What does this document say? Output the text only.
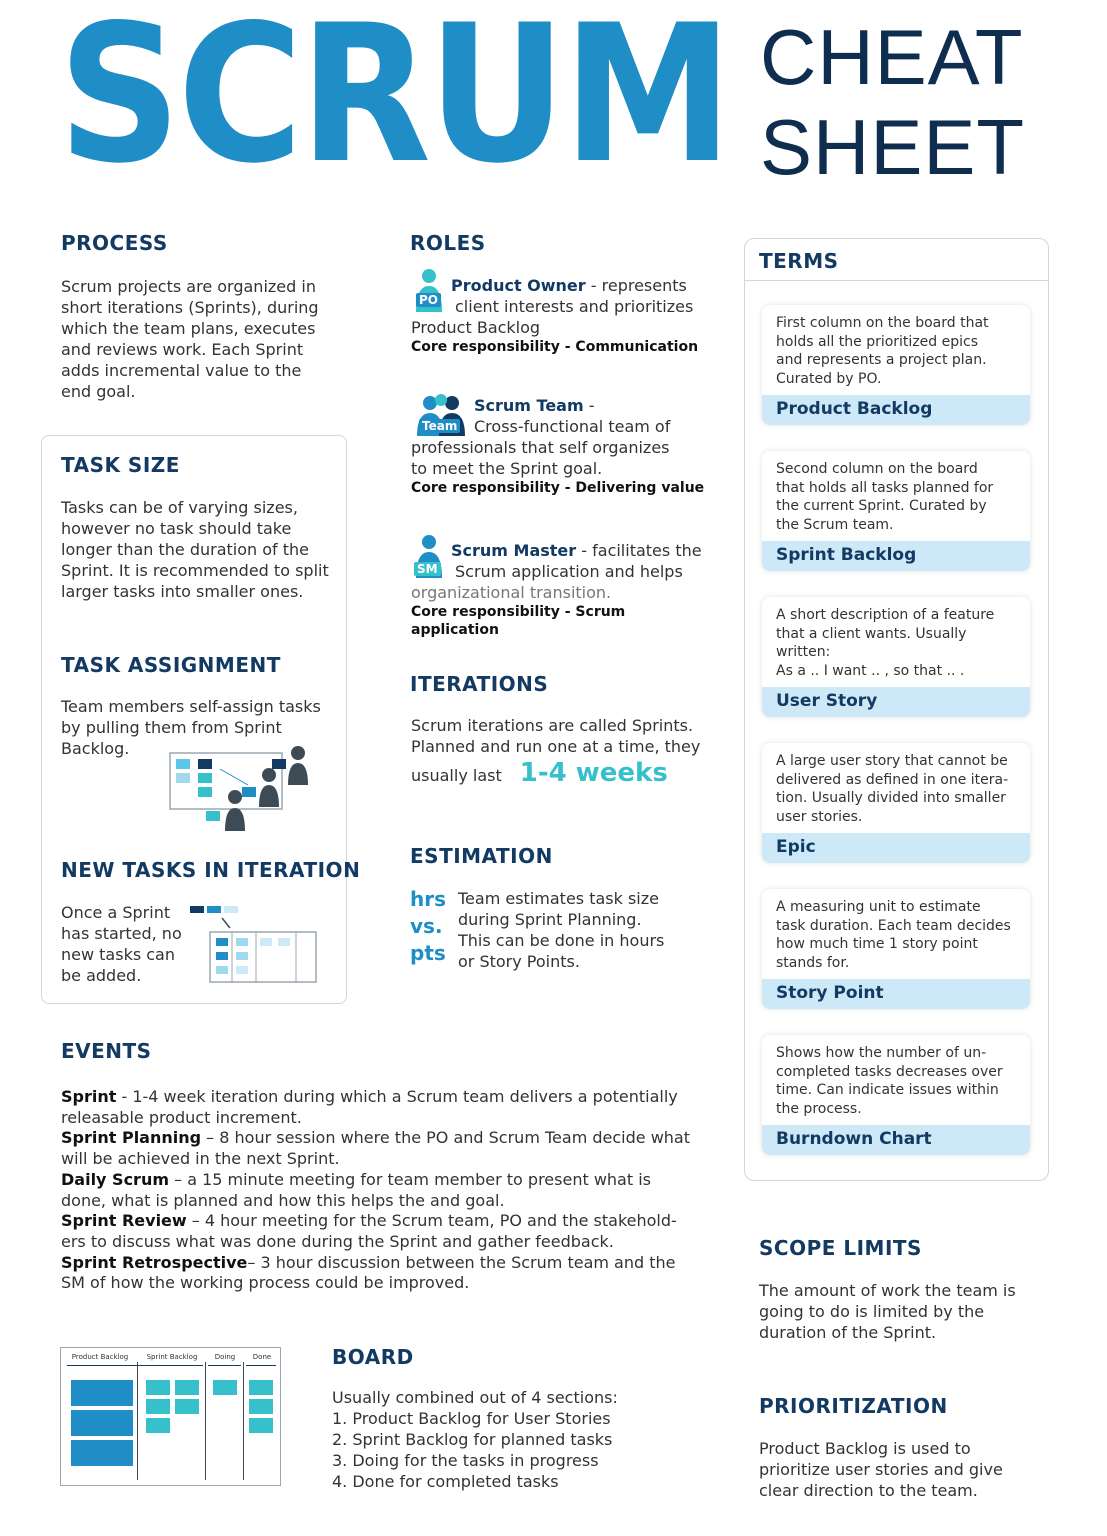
SCRUM CHEAT
SHEET
PROCESS
Scrum projects are organized in
short iterations (Sprints), during
which the team plans, executes
and reviews work. Each Sprint
adds incremental value to the
end goal.
TASK SIZE
Tasks can be of varying sizes,
however no task should take
longer than the duration of the
Sprint. It is recommended to split
larger tasks into smaller ones.
TASK ASSIGNMENT
Team members self-assign tasks
by pulling them from Sprint
Backlog.
NEW TASKS IN ITERATION
Once a Sprint
has started, no
new tasks can
be added.
ROLES
PO
Product Owner - represents
client interests and prioritizes
Product Backlog
Core responsibility - Communication
Team
Scrum Team -
Cross-functional team of
professionals that self organizes
to meet the Sprint goal.
Core responsibility - Delivering value
SM
Scrum Master - facilitates the
Scrum application and helps
organizational transition.
Core responsibility - Scrum application
ITERATIONS
Scrum iterations are called Sprints.
Planned and run one at a time, they
usually last 1-4 weeks
ESTIMATION
hrs
vs.
pts
Team estimates task size
during Sprint Planning.
This can be done in hours
or Story Points.
TERMS
First column on the board that
holds all the prioritized epics
and represents a project plan.
Curated by PO.
Product Backlog
Second column on the board
that holds all tasks planned for
the current Sprint. Curated by
the Scrum team.
Sprint Backlog
A short description of a feature
that a client wants. Usually
written:
As a .. I want .. , so that .. .
User Story
A large user story that cannot be
delivered as defined in one itera-
tion. Usually divided into smaller
user stories.
Epic
A measuring unit to estimate
task duration. Each team decides
how much time 1 story point
stands for.
Story Point
Shows how the number of un-
completed tasks decreases over
time. Can indicate issues within
the process.
Burndown Chart
EVENTS
Sprint - 1-4 week iteration during which a Scrum team delivers a potentially
releasable product increment.
Sprint Planning – 8 hour session where the PO and Scrum Team decide what
will be achieved in the next Sprint.
Daily Scrum – a 15 minute meeting for team member to present what is
done, what is planned and how this helps the and goal.
Sprint Review – 4 hour meeting for the Scrum team, PO and the stakehold-
ers to discuss what was done during the Sprint and gather feedback.
Sprint Retrospective– 3 hour discussion between the Scrum team and the
SM of how the working process could be improved.
Product Backlog	Sprint Backlog	Doing	Done	BOARD
Usually combined out of 4 sections:
1. Product Backlog for User Stories
2. Sprint Backlog for planned tasks
3. Doing for the tasks in progress
4. Done for completed tasks
SCOPE LIMITS
The amount of work the team is
going to do is limited by the
duration of the Sprint.
PRIORITIZATION
Product Backlog is used to
prioritize user stories and give
clear direction to the team.
